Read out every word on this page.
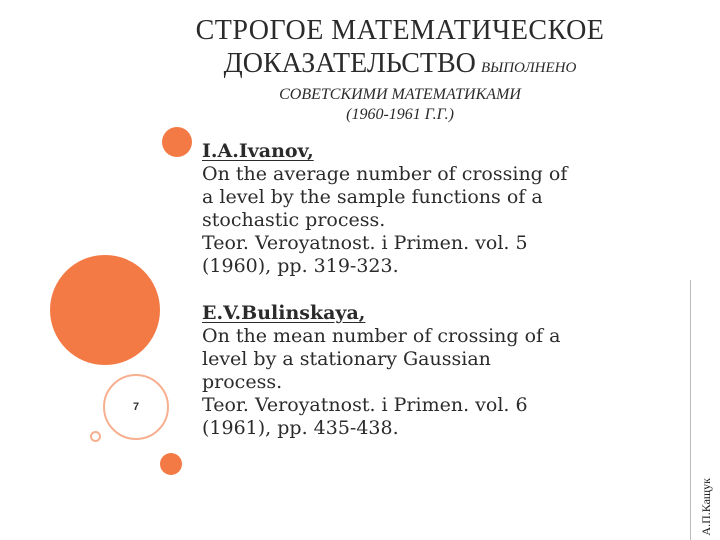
СТРОГОЕ МАТЕМАТИЧЕСКОЕ
ДОКАЗАТЕЛЬСТВО ВЫПОЛНЕНО
СОВЕТСКИМИ МАТЕМАТИКАМИ
(1960-1961 Г.Г.)
7
I.A.Ivanov,
On the average number of crossing of
a level by the sample functions of a
stochastic process.
Teor. Veroyatnost. i Primen. vol. 5
(1960), pp. 319-323.
E.V.Bulinskaya,
On the mean number of crossing of a
level by a stationary Gaussian
process.
Teor. Veroyatnost. i Primen. vol. 6
(1961), pp. 435-438.
А.П.Кащук
